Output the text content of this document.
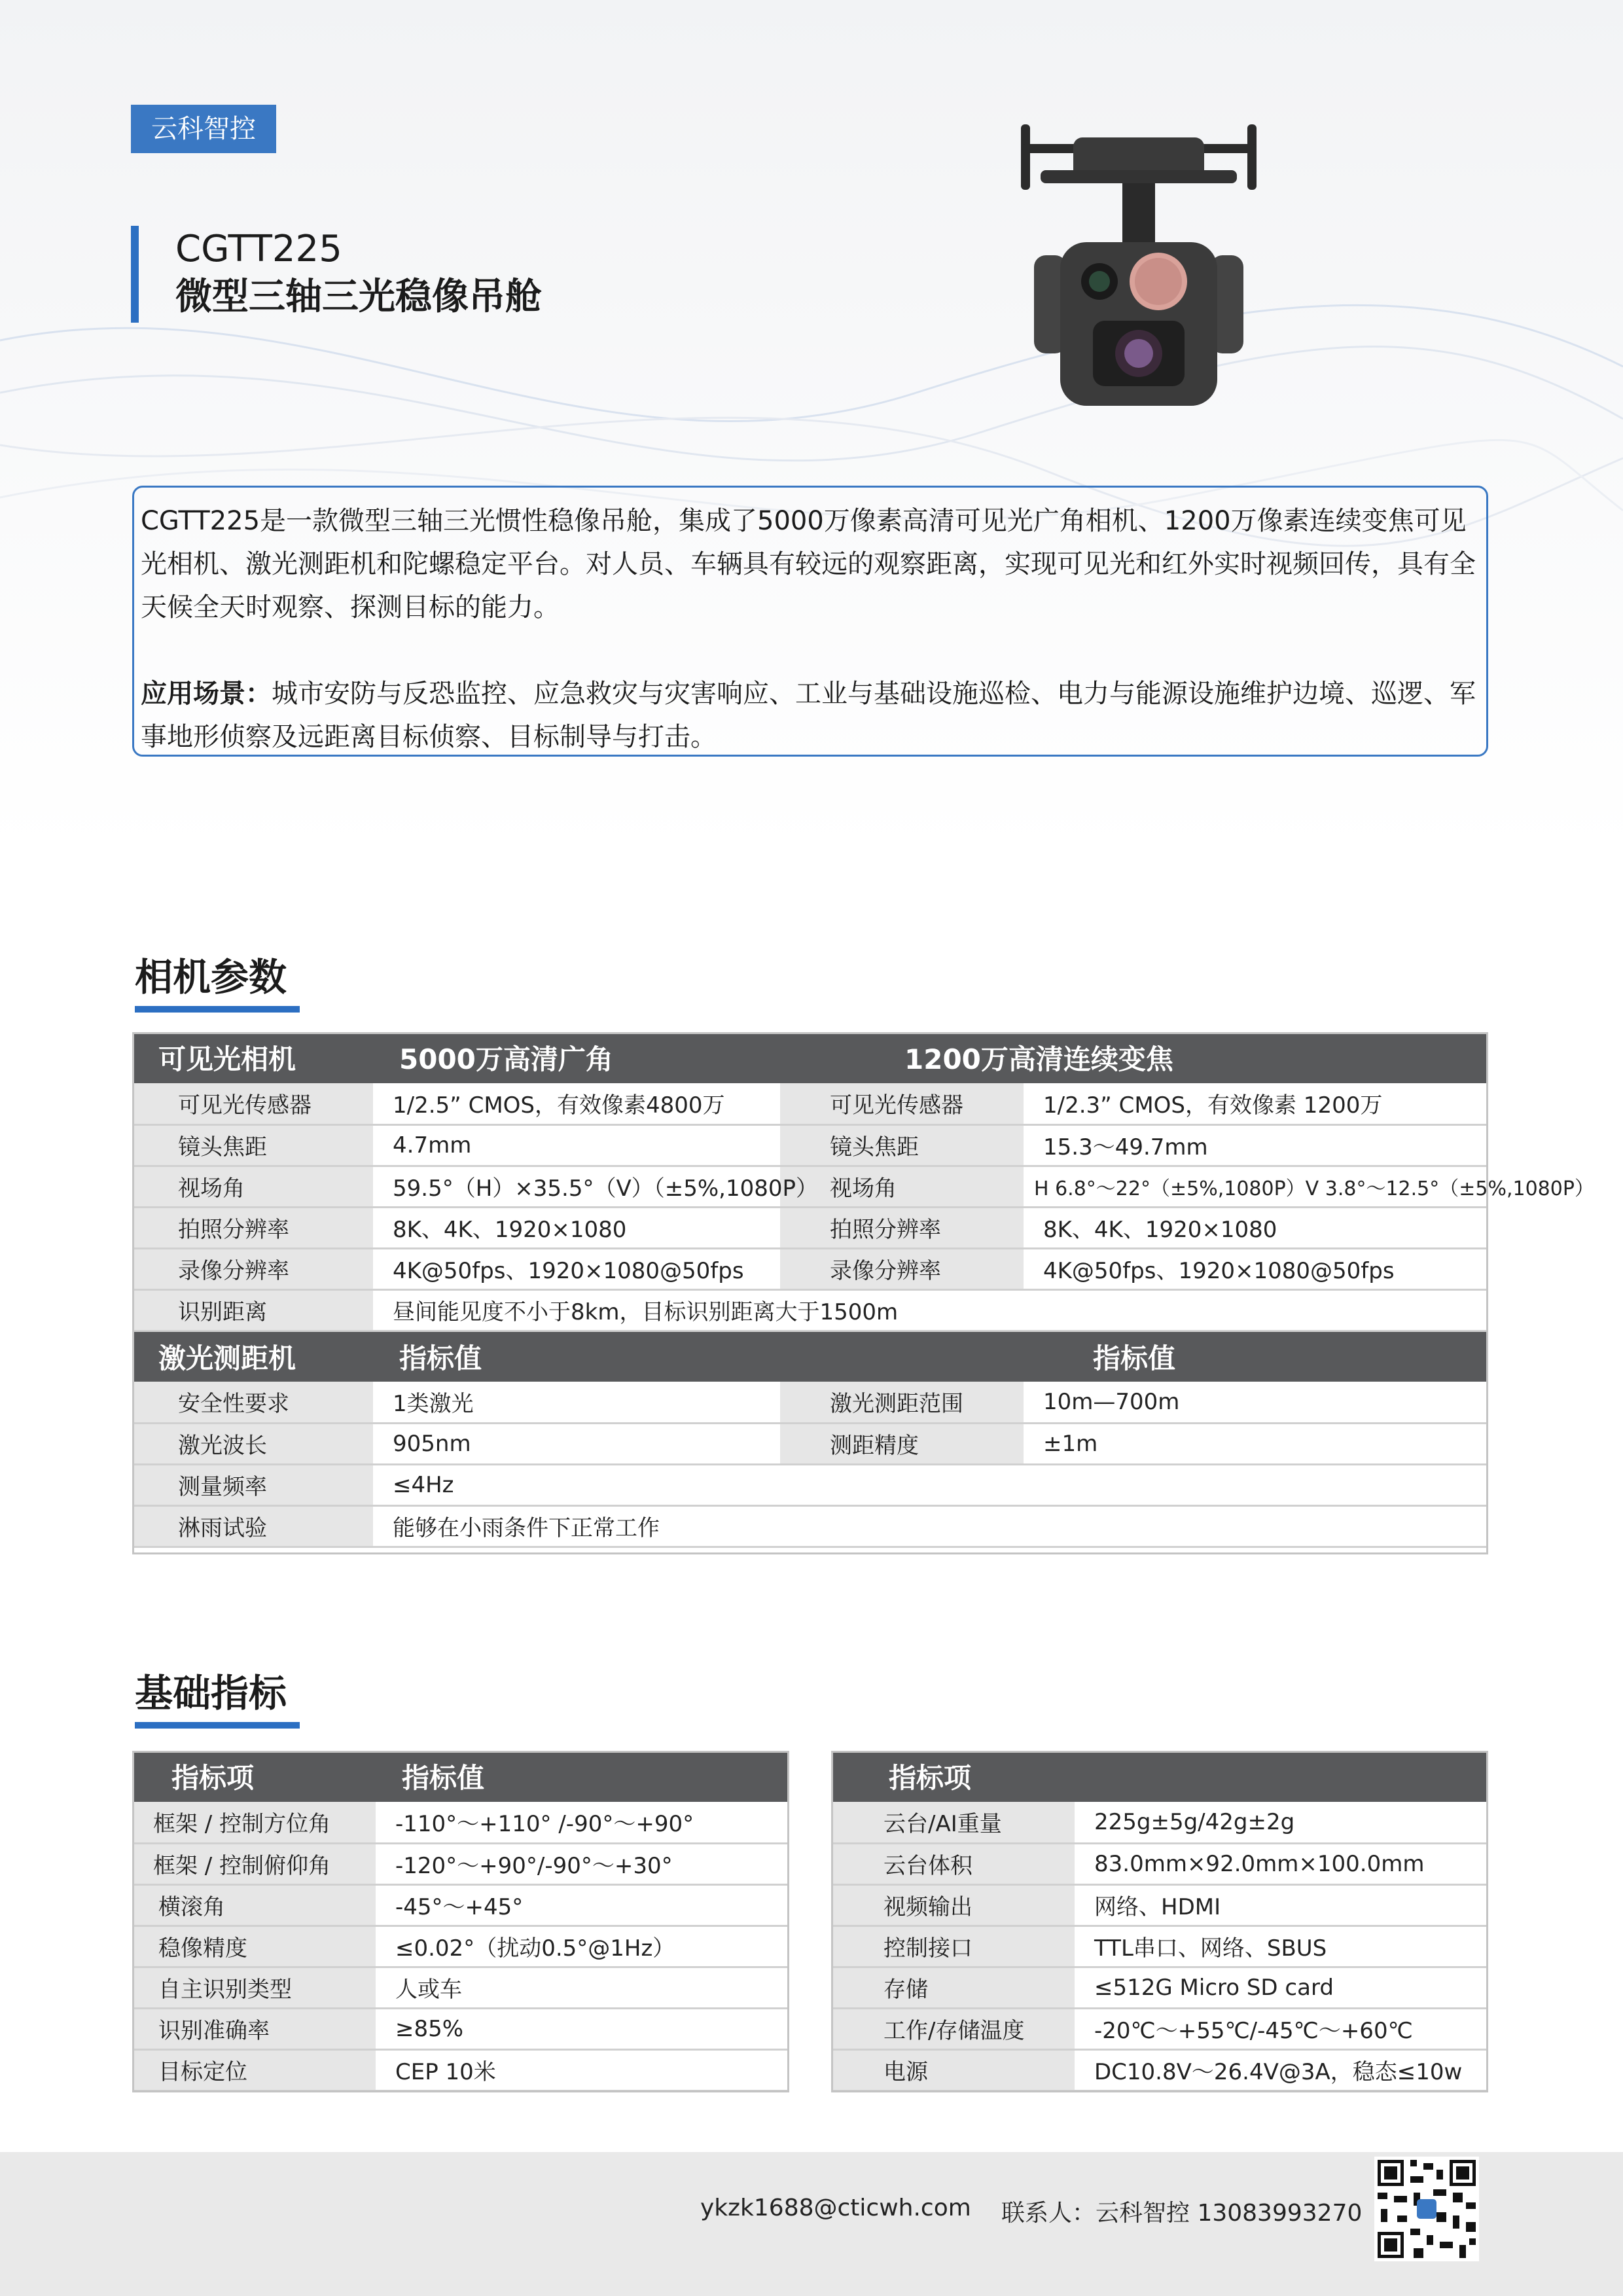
云科智控
CGTT225
微型三轴三光稳像吊舱

CGTT225是一款微型三轴三光惯性稳像吊舱，集成了5000万像素高清可见光广角相机、1200万像素连续变焦可见光相机、激光测距机和陀螺稳定平台。对人员、车辆具有较远的观察距离，实现可见光和红外实时视频回传，具有全天候全天时观察、探测目标的能力。

应用场景：城市安防与反恐监控、应急救灾与灾害响应、工业与基础设施巡检、电力与能源设施维护边境、巡逻、军事地形侦察及远距离目标侦察、目标制导与打击。

相机参数
可见光相机	5000万高清广角	1200万高清连续变焦	
可见光传感器	1/2.5” CMOS，有效像素4800万	可见光传感器	1/2.3” CMOS，有效像素 1200万
镜头焦距	4.7mm	镜头焦距	15.3～49.7mm
视场角	59.5°（H）×35.5°（V）（±5%,1080P）	视场角	H 6.8°～22°（±5%,1080P）V 3.8°～12.5°（±5%,1080P）
拍照分辨率	8K、4K、1920×1080	拍照分辨率	8K、4K、1920×1080
录像分辨率	4K@50fps、1920×1080@50fps	录像分辨率	4K@50fps、1920×1080@50fps
识别距离	昼间能见度不小于8km，目标识别距离大于1500m		
激光测距机	指标值	指标值	
安全性要求	1类激光	激光测距范围	10m—700m
激光波长	905nm	测距精度	±1m
测量频率	≤4Hz		
淋雨试验	能够在小雨条件下正常工作		
基础指标
指标项	指标值
框架 / 控制方位角	-110°～+110° /-90°～+90°
框架 / 控制俯仰角	-120°～+90°/-90°～+30°
横滚角	-45°～+45°
稳像精度	≤0.02°（扰动0.5°@1Hz）
自主识别类型	人或车
识别准确率	≥85%
目标定位	CEP 10米
指标项	
云台/AI重量	225g±5g/42g±2g
云台体积	83.0mm×92.0mm×100.0mm
视频输出	网络、HDMI
控制接口	TTL串口、网络、SBUS
存储	≤512G Micro SD card
工作/存储温度	-20℃～+55℃/-45℃～+60℃
电源	DC10.8V～26.4V@3A，稳态≤10w
ykzk1688@cticwh.com 联系人：云科智控 13083993270
